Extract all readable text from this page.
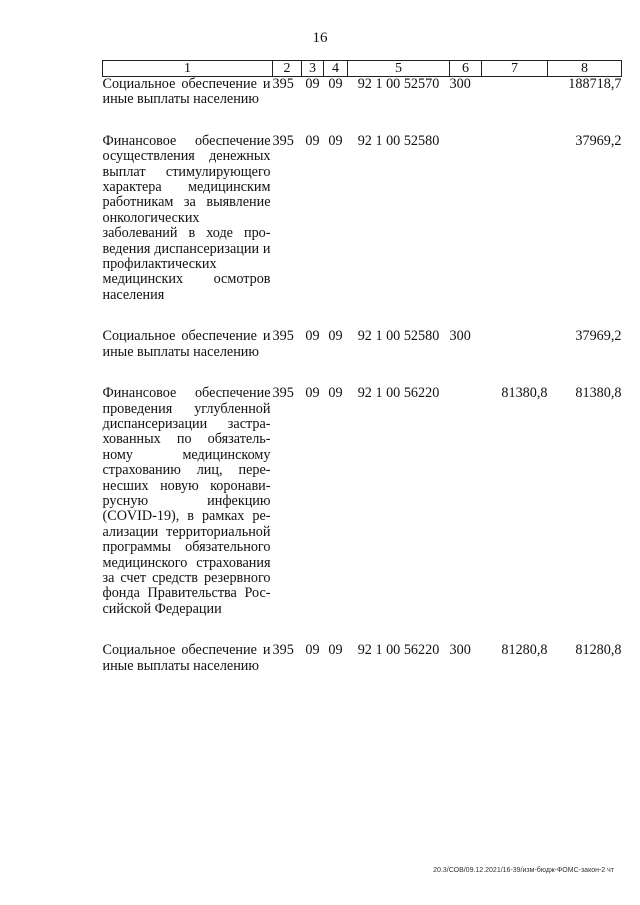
16
1	2	3	4	5	6	7	8
Социальное обеспечение и иные выплаты населению	395	09	09	92 1 00 52570	300		188718,7

Финансовое обеспечение осуществления денежных выплат стимулирующего характера медицинским работникам за выявление онкологических заболеваний в ходе проведения диспансеризации и профилактических медицинских осмотров населения	395	09	09	92 1 00 52580			37969,2

Социальное обеспечение и иные выплаты населению	395	09	09	92 1 00 52580	300		37969,2

Финансовое обеспечение проведения углубленной диспансеризации застрахованных по обязательному медицинскому страхованию лиц, перенесших новую коронавирусную инфекцию (COVID-19), в рамках реализации территориальной программы обязательного медицинского страхования за счет средств резервного фонда Правительства Российской Федерации	395	09	09	92 1 00 56220		81380,8	81380,8

Социальное обеспечение и иные выплаты населению	395	09	09	92 1 00 56220	300	81280,8	81280,8
20.3/СОВ/09.12.2021/16-39/изм-бюдж-ФОМС-закон-2 чт
